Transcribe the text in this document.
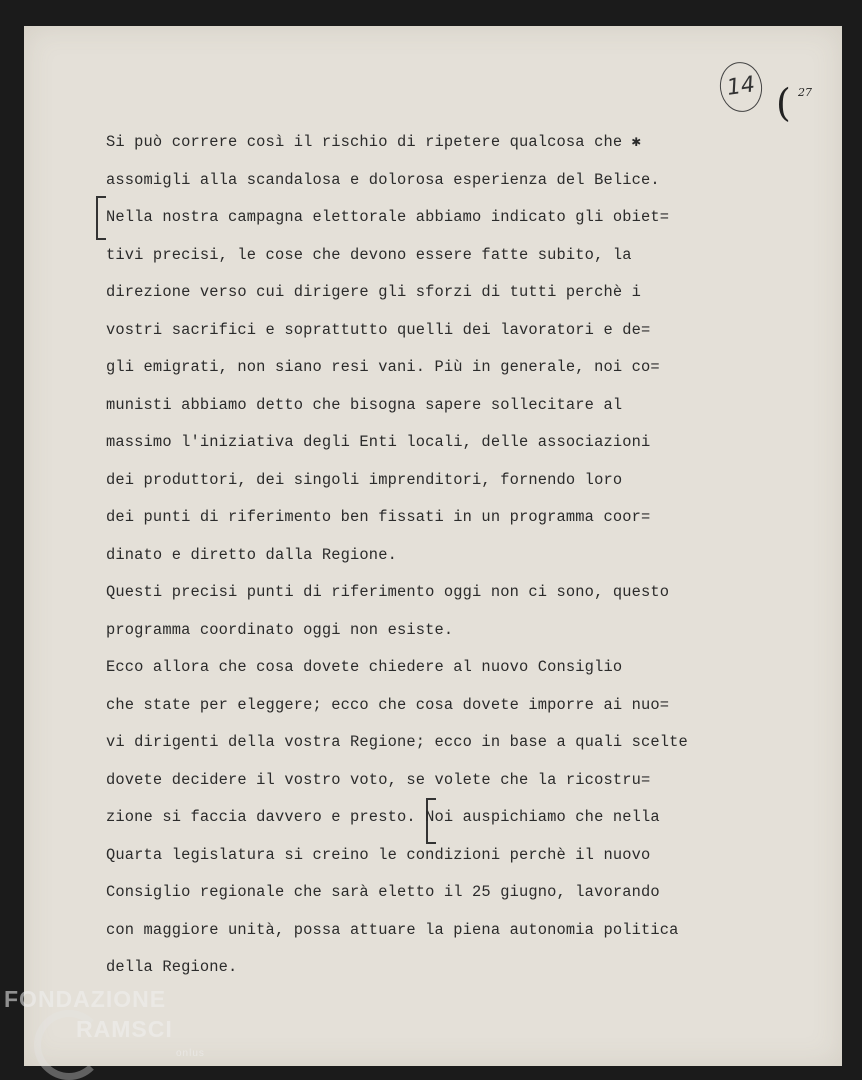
14 ( 27
Si può correre così il rischio di ripetere qualcosa che ✱
assomigli alla scandalosa e dolorosa esperienza del Belice.
Nella nostra campagna elettorale abbiamo indicato gli obiet=
tivi precisi, le cose che devono essere fatte subito, la
direzione verso cui dirigere gli sforzi di tutti perchè i
vostri sacrifici e soprattutto quelli dei lavoratori e de=
gli emigrati, non siano resi vani. Più in generale, noi co=
munisti abbiamo detto che bisogna sapere sollecitare al
massimo l'iniziativa degli Enti locali, delle associazioni
dei produttori, dei singoli imprenditori, fornendo loro
dei punti di riferimento ben fissati in un programma coor=
dinato e diretto dalla Regione.
Questi precisi punti di riferimento oggi non ci sono, questo
programma coordinato oggi non esiste.
Ecco allora che cosa dovete chiedere al nuovo Consiglio
che state per eleggere; ecco che cosa dovete imporre ai nuo=
vi dirigenti della vostra Regione; ecco in base a quali scelte
dovete decidere il vostro voto, se volete che la ricostru=
zione si faccia davvero e presto. Noi auspichiamo che nella
Quarta legislatura si creino le condizioni perchè il nuovo
Consiglio regionale che sarà eletto il 25 giugno, lavorando
con maggiore unità, possa attuare la piena autonomia politica
della Regione.
FONDAZIONE
RAMSCI
onlus
